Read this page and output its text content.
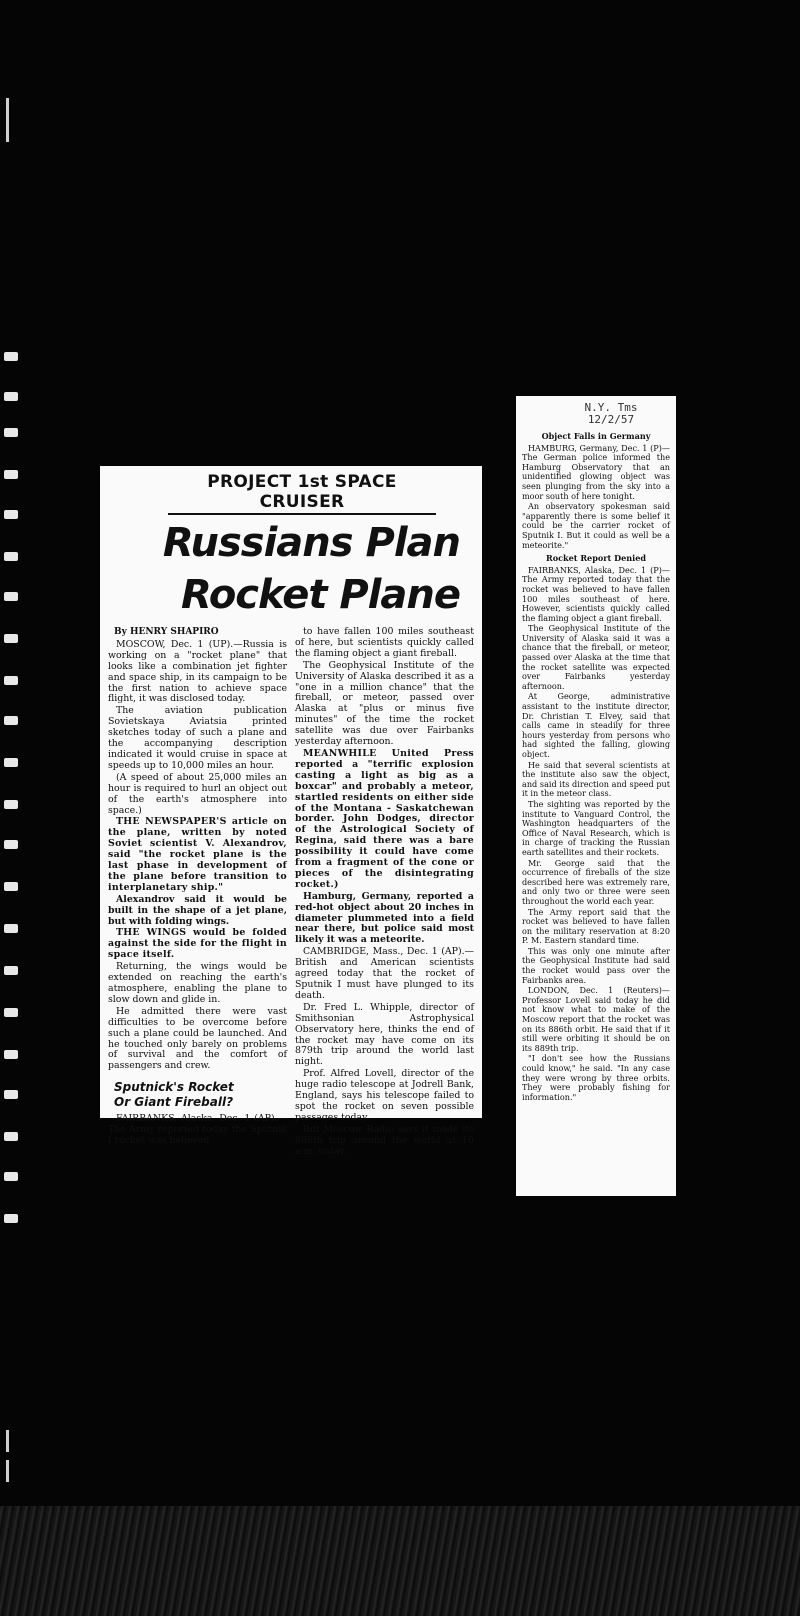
PROJECT 1st SPACE CRUISER
Russians Plan
Rocket Plane
By HENRY SHAPIRO

MOSCOW, Dec. 1 (UP).—Russia is working on a "rocket plane" that looks like a combination jet fighter and space ship, in its campaign to be the first nation to achieve space flight, it was disclosed today.

The aviation publication Sovietskaya Aviatsia printed sketches today of such a plane and the accompanying description indicated it would cruise in space at speeds up to 10,000 miles an hour.

(A speed of about 25,000 miles an hour is required to hurl an object out of the earth's atmosphere into space.)

THE NEWSPAPER'S article on the plane, written by noted Soviet scientist V. Alexandrov, said "the rocket plane is the last phase in development of the plane before transition to interplanetary ship."

Alexandrov said it would be built in the shape of a jet plane, but with folding wings.

THE WINGS would be folded against the side for the flight in space itself.

Returning, the wings would be extended on reaching the earth's atmosphere, enabling the plane to slow down and glide in.

He admitted there were vast difficulties to be overcome before such a plane could be launched. And he touched only barely on problems of survival and the comfort of passengers and crew.

Sputnick's Rocket
Or Giant Fireball?

FAIRBANKS, Alaska, Dec. 1 (AP).—The Army reported today the Sputnik I rocket was believed

to have fallen 100 miles southeast of here, but scientists quickly called the flaming object a giant fireball.

The Geophysical Institute of the University of Alaska described it as a "one in a million chance" that the fireball, or meteor, passed over Alaska at "plus or minus five minutes" of the time the rocket satellite was due over Fairbanks yesterday afternoon.

MEANWHILE United Press reported a "terrific explosion casting a light as big as a boxcar" and probably a meteor, startled residents on either side of the Montana - Saskatchewan border. John Dodges, director of the Astrological Society of Regina, said there was a bare possibility it could have come from a fragment of the cone or pieces of the disintegrating rocket.)

Hamburg, Germany, reported a red-hot object about 20 inches in diameter plummeted into a field near there, but police said most likely it was a meteorite.

CAMBRIDGE, Mass., Dec. 1 (AP).—British and American scientists agreed today that the rocket of Sputnik I must have plunged to its death.

Dr. Fred L. Whipple, director of Smithsonian Astrophysical Observatory here, thinks the end of the rocket may have come on its 879th trip around the world last night.

Prof. Alfred Lovell, director of the huge radio telescope at Jodrell Bank, England, says his telescope failed to spot the rocket on seven possible passages today.

But Moscow Radio says it made its 886th trip around the world at 10 a.m. today.

N.Y. Tms
12/2/57
Object Falls in Germany

HAMBURG, Germany, Dec. 1 (P)—The German police informed the Hamburg Observatory that an unidentified glowing object was seen plunging from the sky into a moor south of here tonight.

An observatory spokesman said "apparently there is some belief it could be the carrier rocket of Sputnik I. But it could as well be a meteorite."

Rocket Report Denied

FAIRBANKS, Alaska, Dec. 1 (P)—The Army reported today that the rocket was believed to have fallen 100 miles southeast of here. However, scientists quickly called the flaming object a giant fireball.

The Geophysical Institute of the University of Alaska said it was a chance that the fireball, or meteor, passed over Alaska at the time that the rocket satellite was expected over Fairbanks yesterday afternoon.

At George, administrative assistant to the institute director, Dr. Christian T. Elvey, said that calls came in steadily for three hours yesterday from persons who had sighted the falling, glowing object.

He said that several scientists at the institute also saw the object, and said its direction and speed put it in the meteor class.

The sighting was reported by the institute to Vanguard Control, the Washington headquarters of the Office of Naval Research, which is in charge of tracking the Russian earth satellites and their rockets.

Mr. George said that the occurrence of fireballs of the size described here was extremely rare, and only two or three were seen throughout the world each year.

The Army report said that the rocket was believed to have fallen on the military reservation at 8:20 P. M. Eastern standard time.

This was only one minute after the Geophysical Institute had said the rocket would pass over the Fairbanks area.

LONDON, Dec. 1 (Reuters)—Professor Lovell said today he did not know what to make of the Moscow report that the rocket was on its 886th orbit. He said that if it still were orbiting it should be on its 889th trip.

"I don't see how the Russians could know," he said. "In any case they were wrong by three orbits. They were probably fishing for information."
